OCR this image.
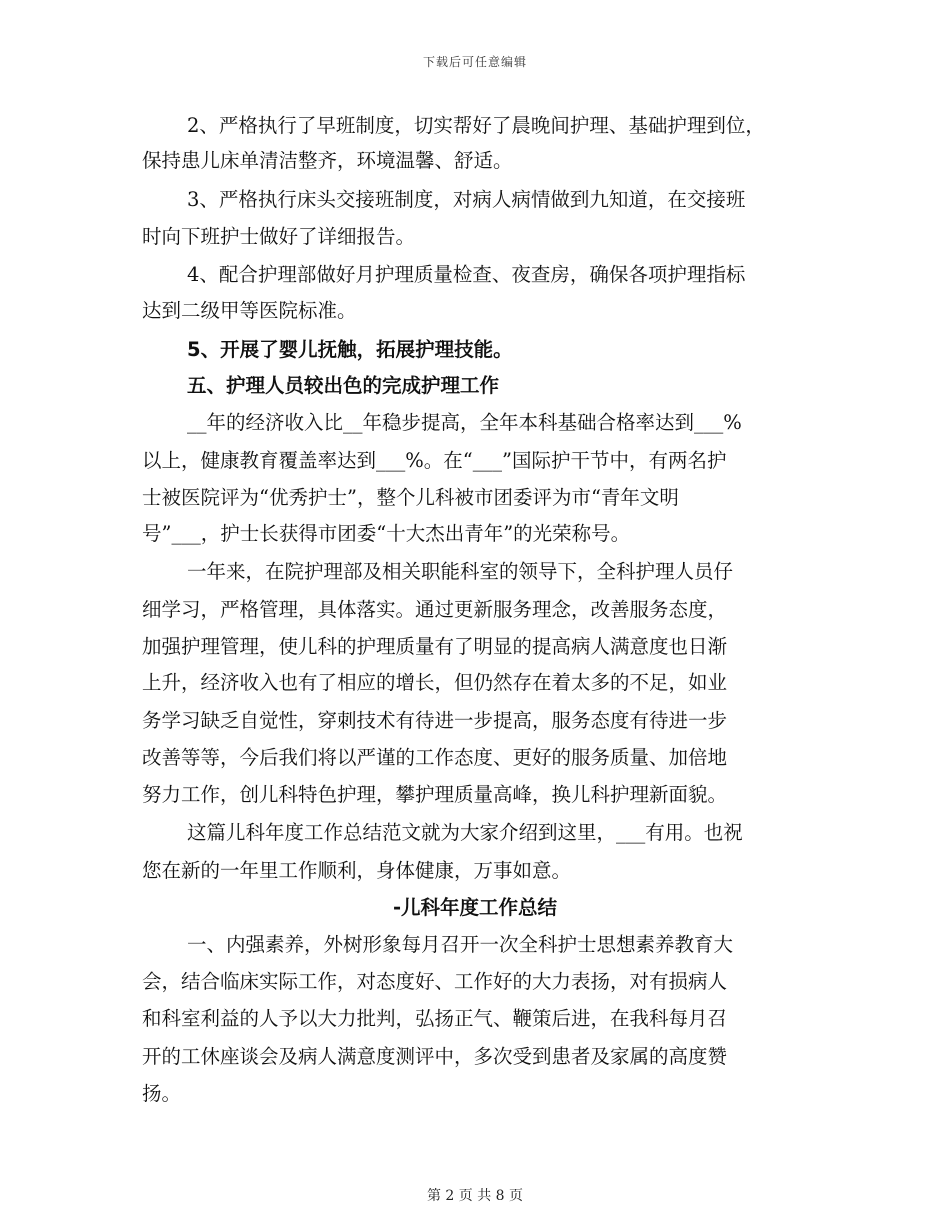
下载后可任意编辑
2、严格执行了早班制度，切实帮好了晨晚间护理、基础护理到位，
保持患儿床单清洁整齐，环境温馨、舒适。
3、严格执行床头交接班制度，对病人病情做到九知道，在交接班
时向下班护士做好了详细报告。
4、配合护理部做好月护理质量检查、夜查房，确保各项护理指标
达到二级甲等医院标准。
5、开展了婴儿抚触，拓展护理技能。
五、护理人员较出色的完成护理工作
__年的经济收入比__年稳步提高，全年本科基础合格率达到___%
以上，健康教育覆盖率达到___%。在“___”国际护干节中，有两名护
士被医院评为“优秀护士”，整个儿科被市团委评为市“青年文明
号”___，护士长获得市团委“十大杰出青年”的光荣称号。
一年来，在院护理部及相关职能科室的领导下，全科护理人员仔
细学习，严格管理，具体落实。通过更新服务理念，改善服务态度，
加强护理管理，使儿科的护理质量有了明显的提高病人满意度也日渐
上升，经济收入也有了相应的增长，但仍然存在着太多的不足，如业
务学习缺乏自觉性，穿刺技术有待进一步提高，服务态度有待进一步
改善等等，今后我们将以严谨的工作态度、更好的服务质量、加倍地
努力工作，创儿科特色护理，攀护理质量高峰，换儿科护理新面貌。
这篇儿科年度工作总结范文就为大家介绍到这里，___有用。也祝
您在新的一年里工作顺利，身体健康，万事如意。
-儿科年度工作总结
一、内强素养，外树形象每月召开一次全科护士思想素养教育大
会，结合临床实际工作，对态度好、工作好的大力表扬，对有损病人
和科室利益的人予以大力批判，弘扬正气、鞭策后进，在我科每月召
开的工休座谈会及病人满意度测评中，多次受到患者及家属的高度赞
扬。
第 2 页 共 8 页
